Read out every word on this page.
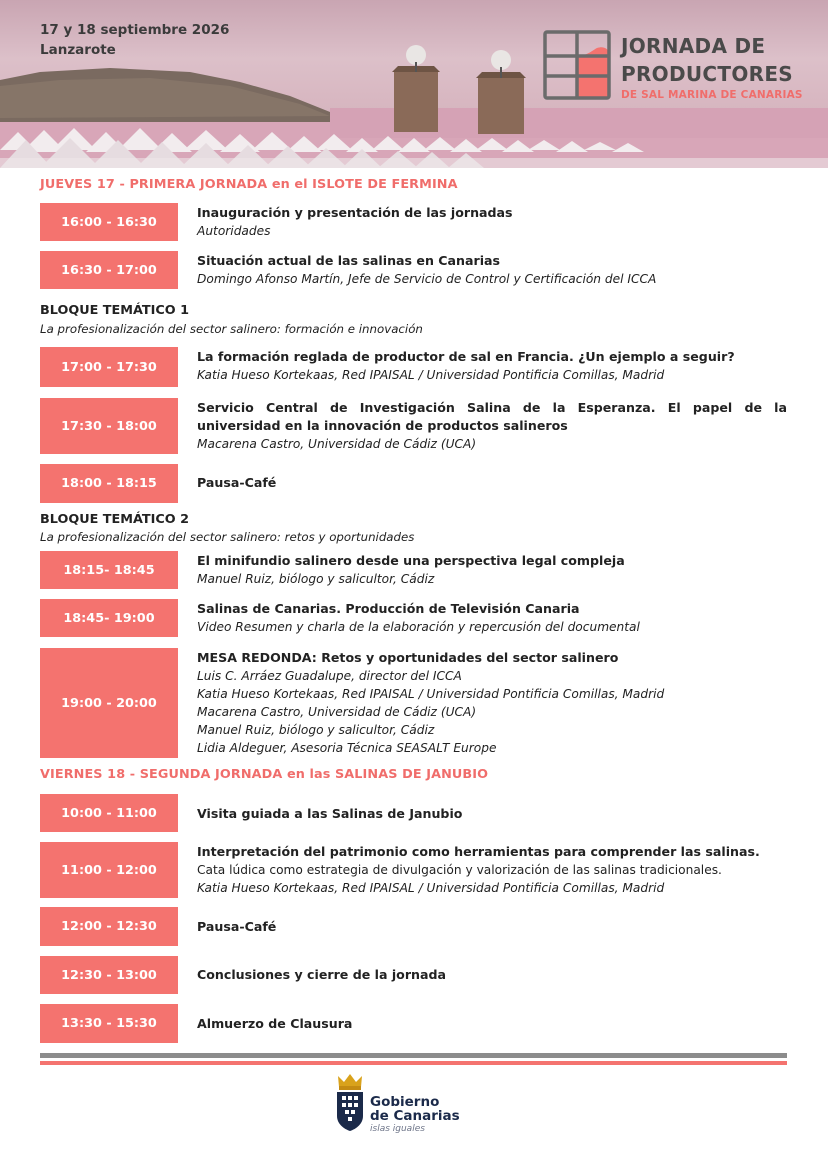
17 y 18 septiembre 2026
Lanzarote	JORNADA DE
PRODUCTORES
DE SAL MARINA DE CANARIAS
JUEVES 17 - PRIMERA JORNADA en el ISLOTE DE FERMINA
16:00 - 16:30
Inauguración y presentación de las jornadas
Autoridades
16:30 - 17:00
Situación actual de las salinas en Canarias
Domingo Afonso Martín, Jefe de Servicio de Control y Certificación del ICCA
BLOQUE TEMÁTICO 1
La profesionalización del sector salinero: formación e innovación
17:00 - 17:30
La formación reglada de productor de sal en Francia. ¿Un ejemplo a seguir?
Katia Hueso Kortekaas, Red IPAISAL / Universidad Pontificia Comillas, Madrid
17:30 - 18:00
Servicio Central de Investigación Salina de la Esperanza. El papel de la universidad en la innovación de productos salineros
Macarena Castro, Universidad de Cádiz (UCA)
18:00 - 18:15	Pausa-Café
BLOQUE TEMÁTICO 2
La profesionalización del sector salinero: retos y oportunidades
18:15- 18:45
El minifundio salinero desde una perspectiva legal compleja
Manuel Ruiz, biólogo y salicultor, Cádiz
18:45- 19:00
Salinas de Canarias. Producción de Televisión Canaria
Video Resumen y charla de la elaboración y repercusión del documental
19:00 - 20:00
MESA REDONDA: Retos y oportunidades del sector salinero
Luis C. Arráez Guadalupe, director del ICCA
Katia Hueso Kortekaas, Red IPAISAL / Universidad Pontificia Comillas, Madrid
Macarena Castro, Universidad de Cádiz (UCA)
Manuel Ruiz, biólogo y salicultor, Cádiz
Lidia Aldeguer, Asesoria Técnica SEASALT Europe
VIERNES 18 - SEGUNDA JORNADA en las SALINAS DE JANUBIO
10:00 - 11:00	Visita guiada a las Salinas de Janubio
11:00 - 12:00
Interpretación del patrimonio como herramientas para comprender las salinas.
Cata lúdica como estrategia de divulgación y valorización de las salinas tradicionales.
Katia Hueso Kortekaas, Red IPAISAL / Universidad Pontificia Comillas, Madrid
12:00 - 12:30	Pausa-Café
12:30 - 13:00	Conclusiones y cierre de la jornada
13:30 - 15:30	Almuerzo de Clausura
Gobierno
de Canarias
islas iguales
